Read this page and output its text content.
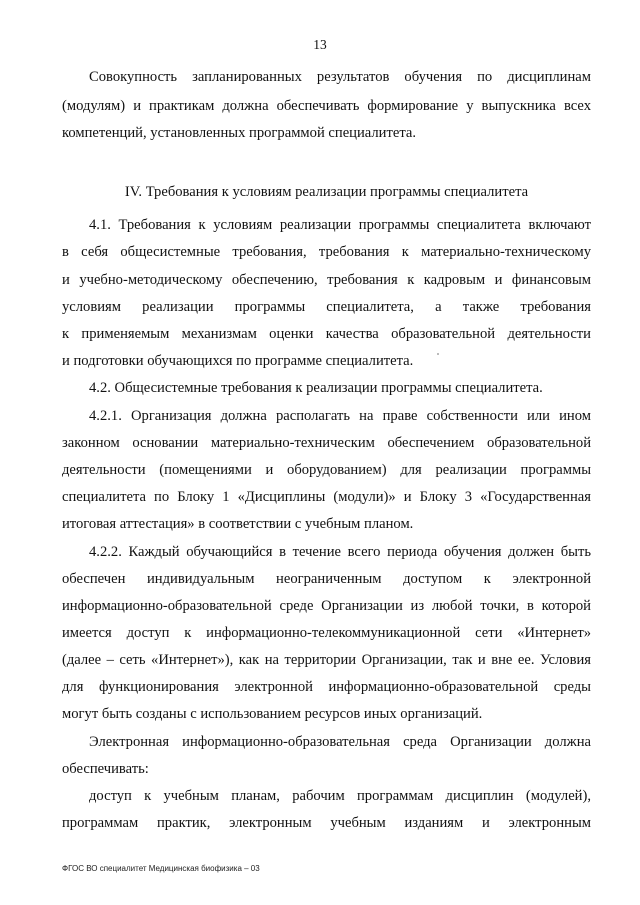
13
Совокупность запланированных результатов обучения по дисциплинам
(модулям) и практикам должна обеспечивать формирование у выпускника всех
компетенций, установленных программой специалитета.
IV. Требования к условиям реализации программы специалитета
4.1. Требования к условиям реализации программы специалитета включают
в себя общесистемные требования, требования к материально-техническому
и учебно-методическому обеспечению, требования к кадровым и финансовым
условиям реализации программы специалитета, а также требования
к применяемым механизмам оценки качества образовательной деятельности
и подготовки обучающихся по программе специалитета.
4.2. Общесистемные требования к реализации программы специалитета.
4.2.1. Организация должна располагать на праве собственности или ином
законном основании материально-техническим обеспечением образовательной
деятельности (помещениями и оборудованием) для реализации программы
специалитета по Блоку 1 «Дисциплины (модули)» и Блоку 3 «Государственная
итоговая аттестация» в соответствии с учебным планом.
4.2.2. Каждый обучающийся в течение всего периода обучения должен быть
обеспечен индивидуальным неограниченным доступом к электронной
информационно-образовательной среде Организации из любой точки, в которой
имеется доступ к информационно-телекоммуникационной сети «Интернет»
(далее – сеть «Интернет»), как на территории Организации, так и вне ее. Условия
для функционирования электронной информационно-образовательной среды
могут быть созданы с использованием ресурсов иных организаций.
Электронная информационно-образовательная среда Организации должна
обеспечивать:
доступ к учебным планам, рабочим программам дисциплин (модулей),
программам практик, электронным учебным изданиям и электронным
ФГОС ВО специалитет Медицинская биофизика – 03
